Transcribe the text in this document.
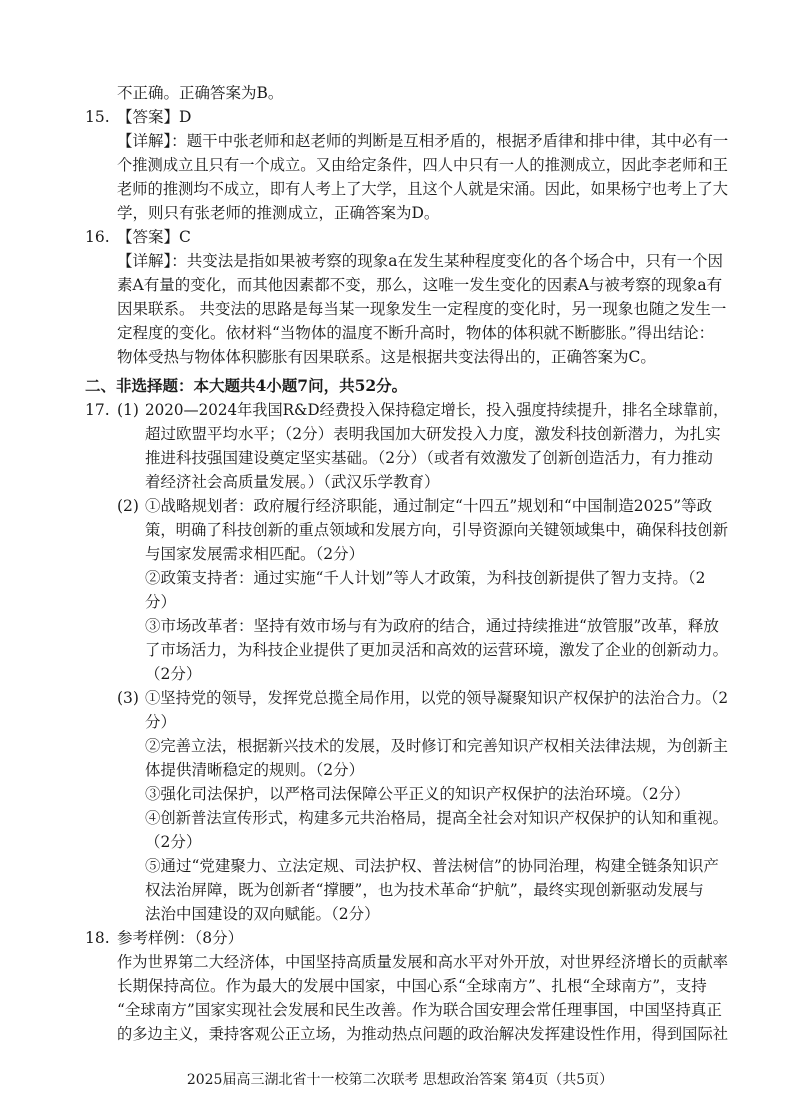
不正确。正确答案为B。
15. 【答案】D
【详解】：题干中张老师和赵老师的判断是互相矛盾的，根据矛盾律和排中律，其中必有一
个推测成立且只有一个成立。又由给定条件，四人中只有一人的推测成立，因此李老师和王
老师的推测均不成立，即有人考上了大学，且这个人就是宋涌。因此，如果杨宁也考上了大
学，则只有张老师的推测成立，正确答案为D。
16. 【答案】C
【详解】：共变法是指如果被考察的现象a在发生某种程度变化的各个场合中，只有一个因
素A有量的变化，而其他因素都不变，那么，这唯一发生变化的因素A与被考察的现象a有
因果联系。 共变法的思路是每当某一现象发生一定程度的变化时，另一现象也随之发生一
定程度的变化。依材料“当物体的温度不断升高时，物体的体积就不断膨胀。”得出结论：
物体受热与物体体积膨胀有因果联系。这是根据共变法得出的，正确答案为C。
二、非选择题：本大题共4小题7问，共52分。
17. (1) 2020—2024年我国R&D经费投入保持稳定增长，投入强度持续提升，排名全球靠前，
超过欧盟平均水平；（2分）表明我国加大研发投入力度，激发科技创新潜力，为扎实
推进科技强国建设奠定坚实基础。（2分）（或者有效激发了创新创造活力，有力推动
着经济社会高质量发展。）（武汉乐学教育）
(2) ①战略规划者：政府履行经济职能，通过制定“十四五”规划和“中国制造2025”等政
策，明确了科技创新的重点领域和发展方向，引导资源向关键领域集中，确保科技创新
与国家发展需求相匹配。（2分）
②政策支持者：通过实施“千人计划”等人才政策，为科技创新提供了智力支持。（2
分）
③市场改革者：坚持有效市场与有为政府的结合，通过持续推进“放管服”改革，释放
了市场活力，为科技企业提供了更加灵活和高效的运营环境，激发了企业的创新动力。
（2分）
(3) ①坚持党的领导，发挥党总揽全局作用，以党的领导凝聚知识产权保护的法治合力。（2
分）
②完善立法，根据新兴技术的发展，及时修订和完善知识产权相关法律法规，为创新主
体提供清晰稳定的规则。（2分）
③强化司法保护，以严格司法保障公平正义的知识产权保护的法治环境。（2分）
④创新普法宣传形式，构建多元共治格局，提高全社会对知识产权保护的认知和重视。
（2分）
⑤通过“党建聚力、立法定规、司法护权、普法树信”的协同治理，构建全链条知识产
权法治屏障，既为创新者“撑腰”，也为技术革命“护航”，最终实现创新驱动发展与
法治中国建设的双向赋能。（2分）
18. 参考样例：（8分）
作为世界第二大经济体，中国坚持高质量发展和高水平对外开放，对世界经济增长的贡献率
长期保持高位。作为最大的发展中国家，中国心系“全球南方”、扎根“全球南方”，支持
“全球南方”国家实现社会发展和民生改善。作为联合国安理会常任理事国，中国坚持真正
的多边主义，秉持客观公正立场，为推动热点问题的政治解决发挥建设性作用，得到国际社
2025届高三湖北省十一校第二次联考 思想政治答案 第4页（共5页）
